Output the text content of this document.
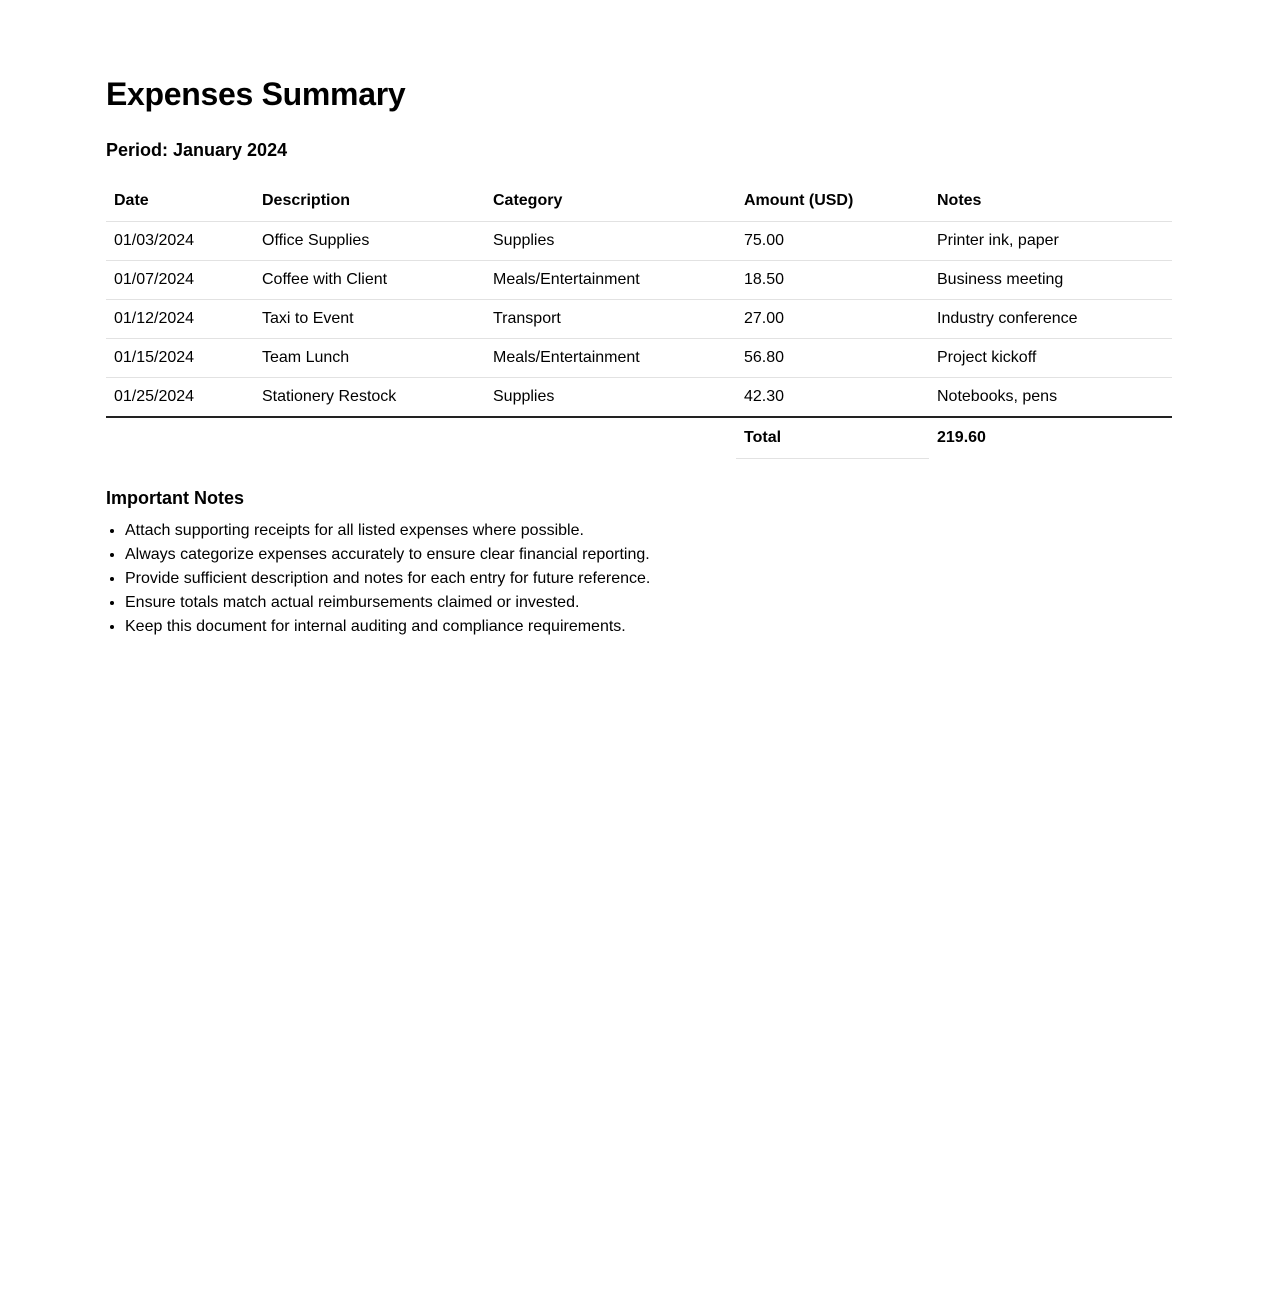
Expenses Summary
Period: January 2024
Date	Description	Category	Amount (USD)	Notes
01/03/2024	Office Supplies	Supplies	75.00	Printer ink, paper
01/07/2024	Coffee with Client	Meals/Entertainment	18.50	Business meeting
01/12/2024	Taxi to Event	Transport	27.00	Industry conference
01/15/2024	Team Lunch	Meals/Entertainment	56.80	Project kickoff
01/25/2024	Stationery Restock	Supplies	42.30	Notebooks, pens
			Total	219.60
Important Notes
• Attach supporting receipts for all listed expenses where possible.
• Always categorize expenses accurately to ensure clear financial reporting.
• Provide sufficient description and notes for each entry for future reference.
• Ensure totals match actual reimbursements claimed or invested.
• Keep this document for internal auditing and compliance requirements.
